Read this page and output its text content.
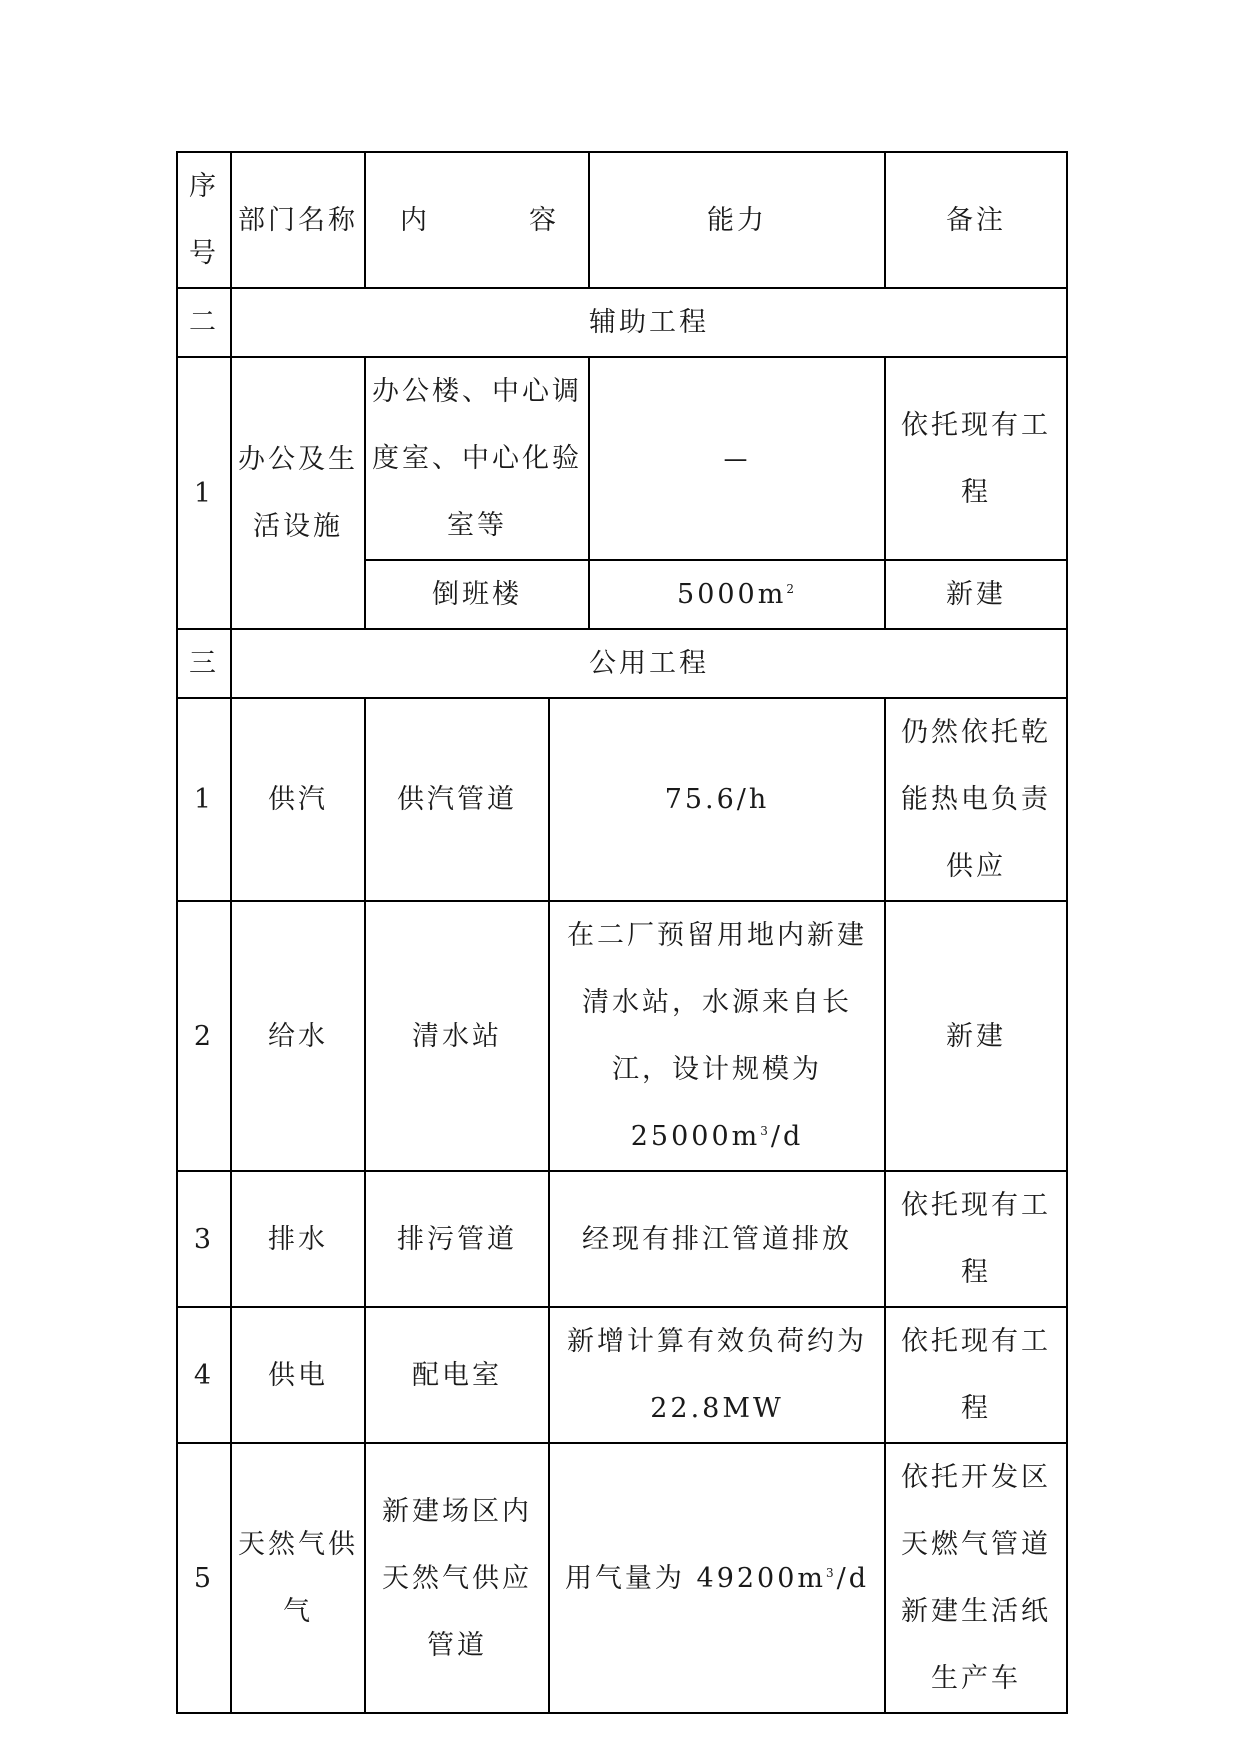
序号	部门名称	内 容		能力	备注
二	辅助工程				
1	办公及生活设施	办公楼、中心调度室、中心化验室等		—	依托现有工程
		倒班楼		$5000m^2$	新建
三	公用工程				
1	供汽	供汽管道	75.6/h		仍然依托乾能热电负责供应
2	给水	清水站	在二厂预留用地内新建清水站，水源来自长江，设计规模为$25000m^3/d$		新建
3	排水	排污管道	经现有排江管道排放		依托现有工程
4	供电	配电室	新增计算有效负荷约为 22.8MW		依托现有工程
5	天然气供气	新建场区内天然气供应管道	用气量为 $49200m^3/d$		依托开发区天燃气管道新建生活纸生产车
